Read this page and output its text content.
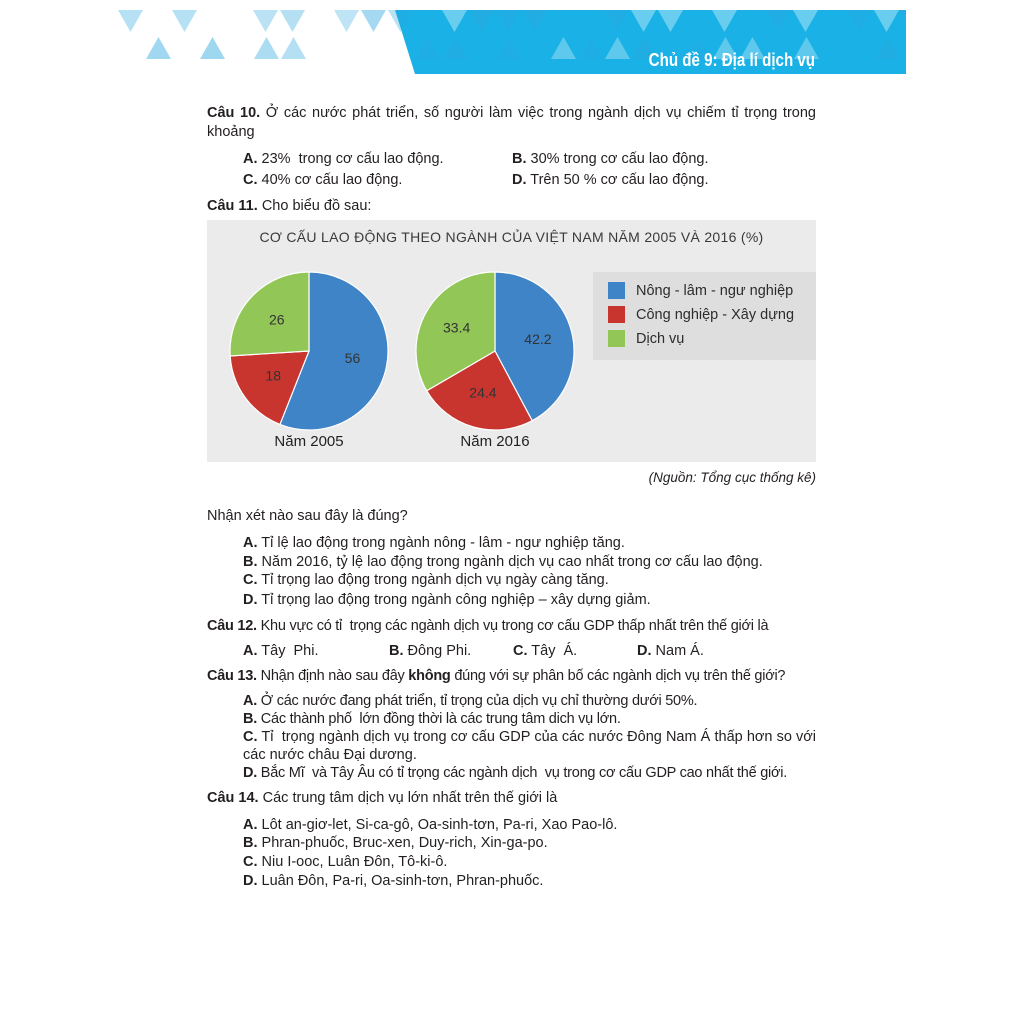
Chủ đề 9: Địa lí dịch vụ

Câu 10. Ở các nước phát triển, số người làm việc trong ngành dịch vụ chiếm tỉ trọng trong khoảng

A. 23%  trong cơ cấu lao động.	B. 30% trong cơ cấu lao động.
C. 40% cơ cấu lao động.	D. Trên 50 % cơ cấu lao động.
Câu 11. Cho biểu đồ sau:
56
18
26
Năm 2005
42.2
24.4
33.4
Năm 2016
CƠ CẤU LAO ĐỘNG THEO NGÀNH CỦA VIỆT NAM NĂM 2005 VÀ 2016 (%)
Nông - lâm - ngư nghiệp
Công nghiệp - Xây dựng
Dịch vụ
(Nguồn: Tổng cục thống kê)
Nhận xét nào sau đây là đúng?
A. Tỉ lệ lao động trong ngành nông - lâm - ngư nghiệp tăng.
B. Năm 2016, tỷ lệ lao động trong ngành dịch vụ cao nhất trong cơ cấu lao động.
C. Tỉ trọng lao động trong ngành dịch vụ ngày càng tăng.
D. Tỉ trọng lao động trong ngành công nghiệp – xây dựng giảm.
Câu 12. Khu vực có tỉ  trọng các ngành dịch vụ trong cơ cấu GDP thấp nhất trên thế giới là
A. Tây  Phi.	B. Đông Phi.	C. Tây  Á.	D. Nam Á.
Câu 13. Nhận định nào sau đây không đúng với sự phân bố các ngành dịch vụ trên thế giới?
A. Ở các nước đang phát triển, tỉ trọng của dịch vụ chỉ thường dưới 50%.
B. Các thành phố  lớn đồng thời là các trung tâm dich vụ lớn.

C. Tỉ  trọng ngành dịch vụ trong cơ cấu GDP của các nước Đông Nam Á thấp hơn so với các nước châu Đại dương.

D. Bắc Mĩ  và Tây Âu có tỉ trọng các ngành dịch  vụ trong cơ cấu GDP cao nhất thế giới.
Câu 14. Các trung tâm dịch vụ lớn nhất trên thế giới là
A. Lôt an-giơ-let, Si-ca-gô, Oa-sinh-tơn, Pa-ri, Xao Pao-lô.
B. Phran-phuốc, Bruc-xen, Duy-rich, Xin-ga-po.
C. Niu I-ooc, Luân Đôn, Tô-ki-ô.
D. Luân Đôn, Pa-ri, Oa-sinh-tơn, Phran-phuốc.
